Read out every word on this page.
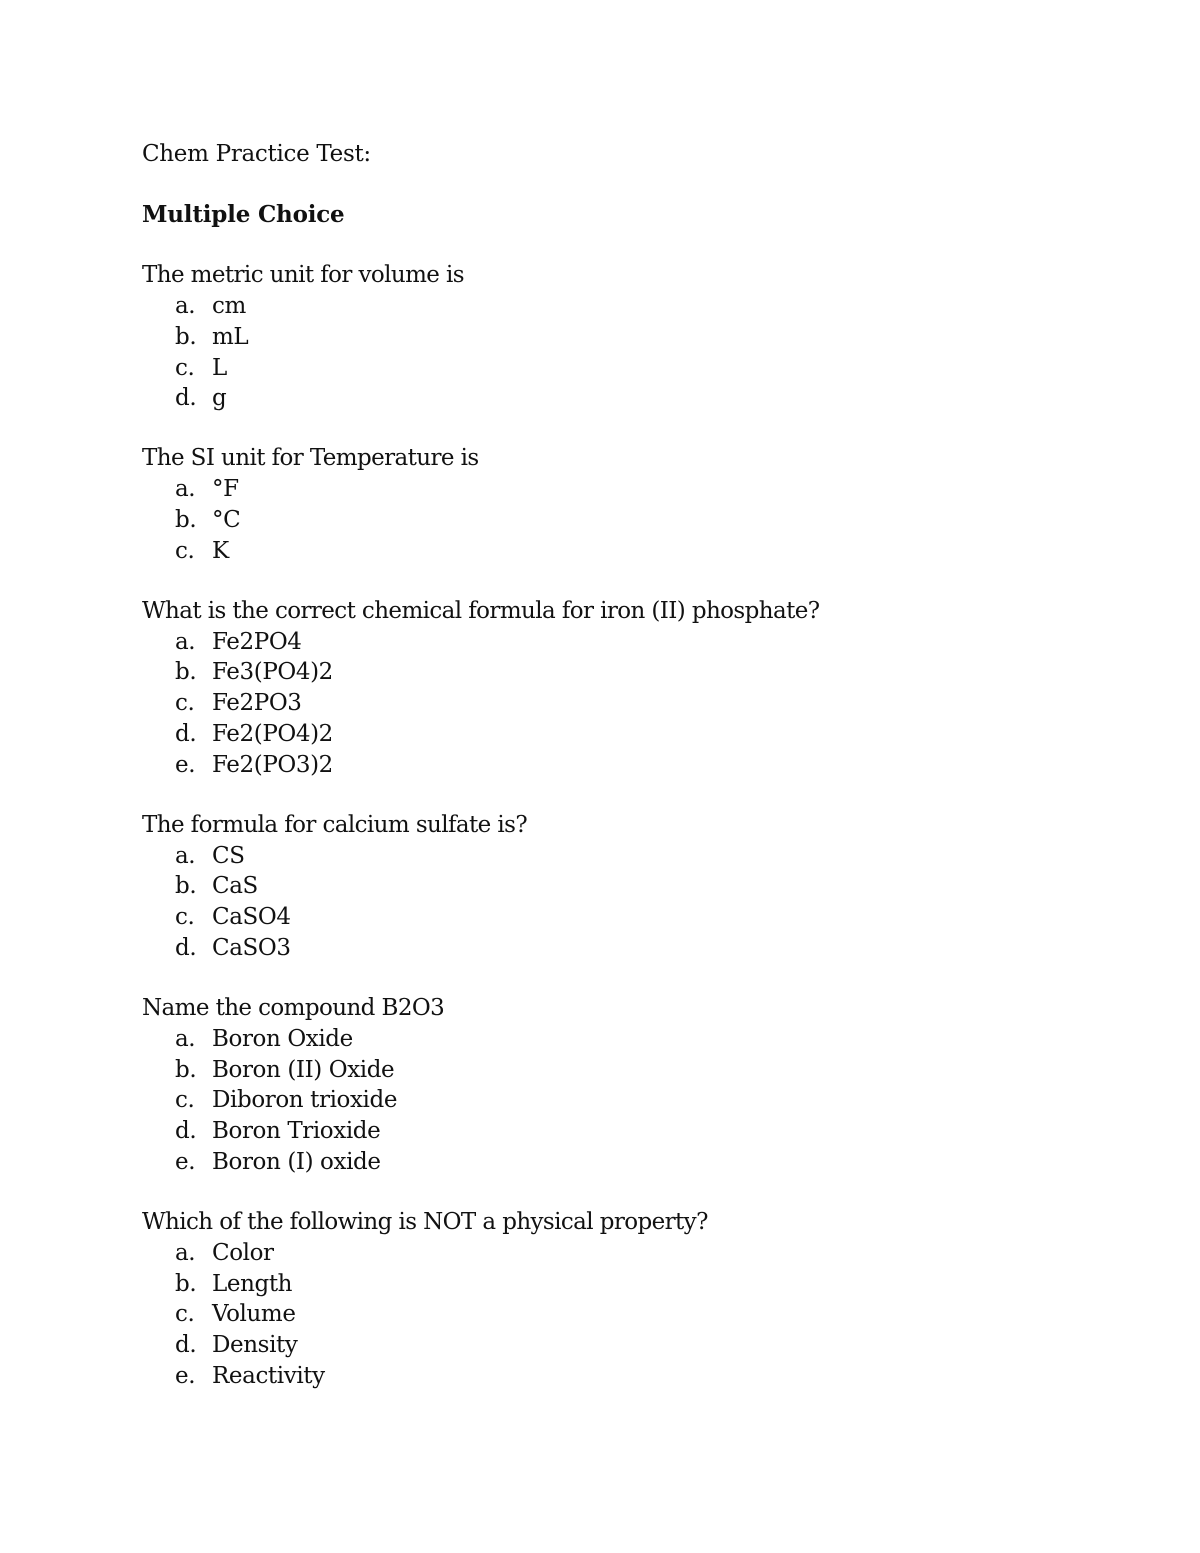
Chem Practice Test:
Multiple Choice
The metric unit for volume is
a. cm
b. mL
c. L
d. g
The SI unit for Temperature is
a. °F
b. °C
c. K
What is the correct chemical formula for iron (II) phosphate?
a. Fe2PO4
b. Fe3(PO4)2
c. Fe2PO3
d. Fe2(PO4)2
e. Fe2(PO3)2
The formula for calcium sulfate is?
a. CS
b. CaS
c. CaSO4
d. CaSO3
Name the compound B2O3
a. Boron Oxide
b. Boron (II) Oxide
c. Diboron trioxide
d. Boron Trioxide
e. Boron (I) oxide
Which of the following is NOT a physical property?
a. Color
b. Length
c. Volume
d. Density
e. Reactivity
